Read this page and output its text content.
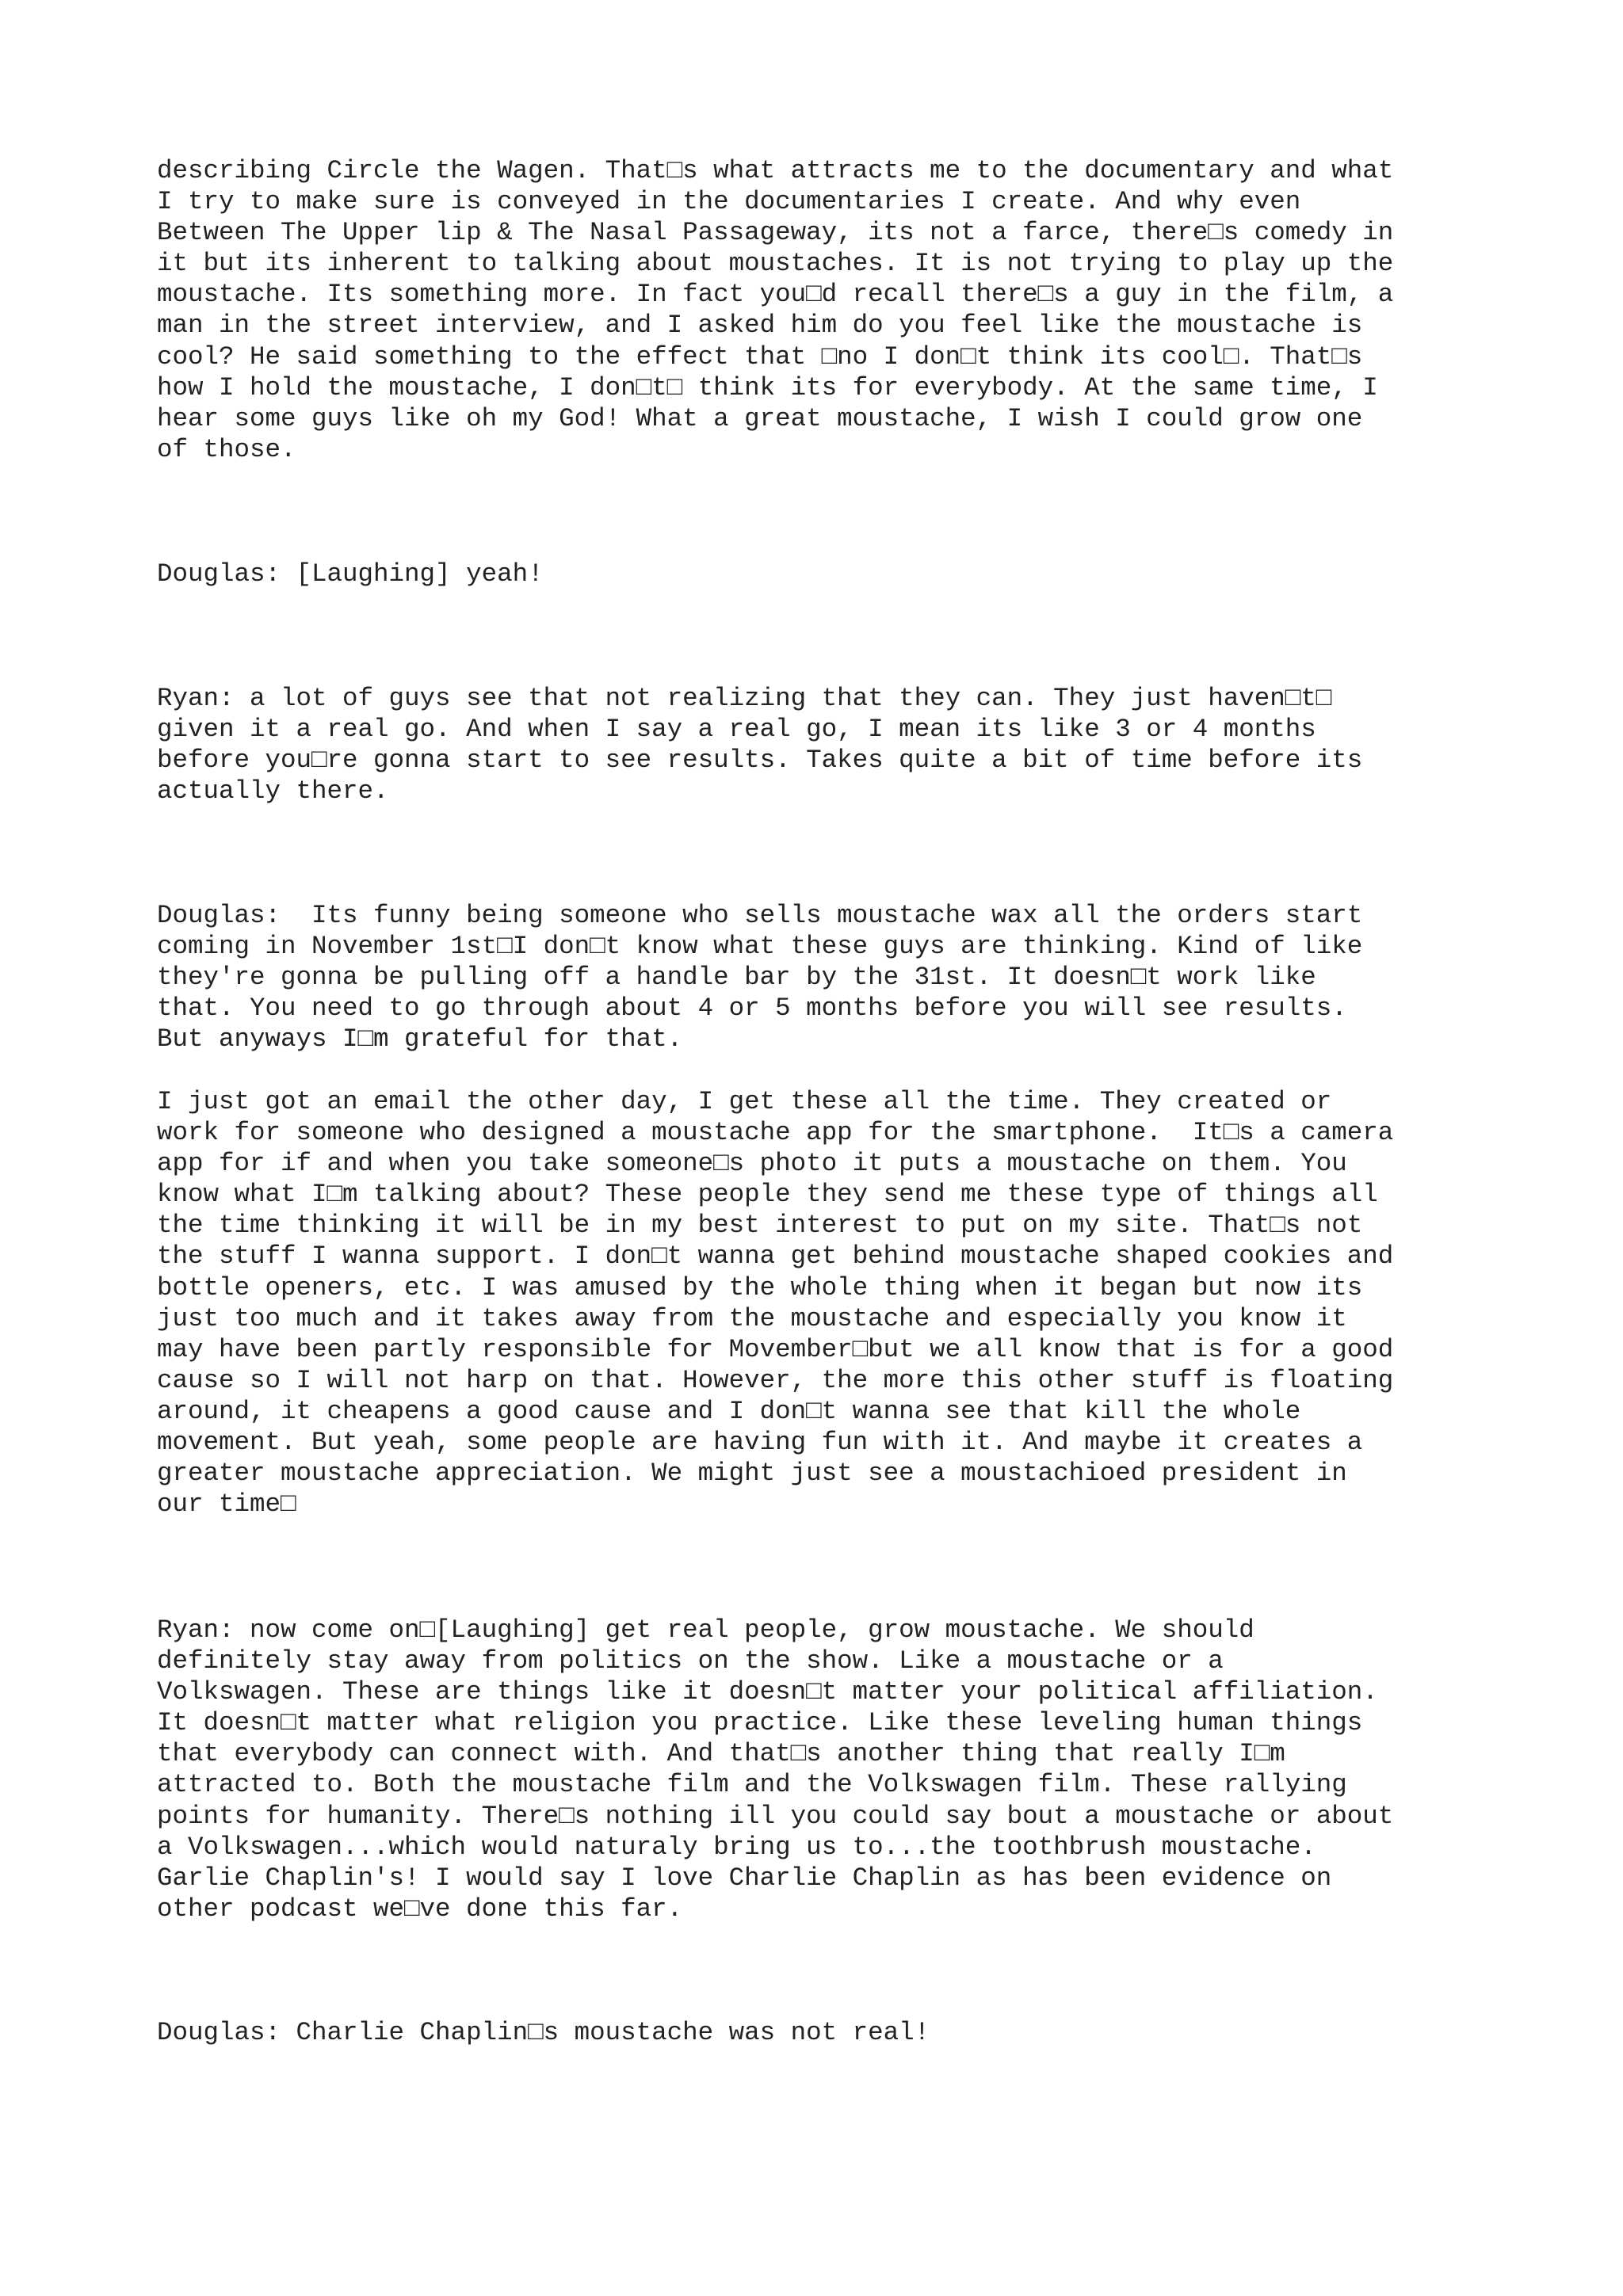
describing Circle the Wagen. That□s what attracts me to the documentary and what
I try to make sure is conveyed in the documentaries I create. And why even
Between The Upper lip & The Nasal Passageway, its not a farce, there□s comedy in
it but its inherent to talking about moustaches. It is not trying to play up the
moustache. Its something more. In fact you□d recall there□s a guy in the film, a
man in the street interview, and I asked him do you feel like the moustache is
cool? He said something to the effect that □no I don□t think its cool□. That□s
how I hold the moustache, I don□t□ think its for everybody. At the same time, I
hear some guys like oh my God! What a great moustache, I wish I could grow one
of those.

Douglas: [Laughing] yeah!

Ryan: a lot of guys see that not realizing that they can. They just haven□t□
given it a real go. And when I say a real go, I mean its like 3 or 4 months
before you□re gonna start to see results. Takes quite a bit of time before its
actually there.

Douglas:  Its funny being someone who sells moustache wax all the orders start
coming in November 1st□I don□t know what these guys are thinking. Kind of like
they're gonna be pulling off a handle bar by the 31st. It doesn□t work like
that. You need to go through about 4 or 5 months before you will see results.
But anyways I□m grateful for that.

I just got an email the other day, I get these all the time. They created or
work for someone who designed a moustache app for the smartphone.  It□s a camera
app for if and when you take someone□s photo it puts a moustache on them. You
know what I□m talking about? These people they send me these type of things all
the time thinking it will be in my best interest to put on my site. That□s not
the stuff I wanna support. I don□t wanna get behind moustache shaped cookies and
bottle openers, etc. I was amused by the whole thing when it began but now its
just too much and it takes away from the moustache and especially you know it
may have been partly responsible for Movember□but we all know that is for a good
cause so I will not harp on that. However, the more this other stuff is floating
around, it cheapens a good cause and I don□t wanna see that kill the whole
movement. But yeah, some people are having fun with it. And maybe it creates a
greater moustache appreciation. We might just see a moustachioed president in
our time□

Ryan: now come on□[Laughing] get real people, grow moustache. We should
definitely stay away from politics on the show. Like a moustache or a
Volkswagen. These are things like it doesn□t matter your political affiliation.
It doesn□t matter what religion you practice. Like these leveling human things
that everybody can connect with. And that□s another thing that really I□m
attracted to. Both the moustache film and the Volkswagen film. These rallying
points for humanity. There□s nothing ill you could say bout a moustache or about
a Volkswagen...which would naturaly bring us to...the toothbrush moustache.
Garlie Chaplin's! I would say I love Charlie Chaplin as has been evidence on
other podcast we□ve done this far.

Douglas: Charlie Chaplin□s moustache was not real!
